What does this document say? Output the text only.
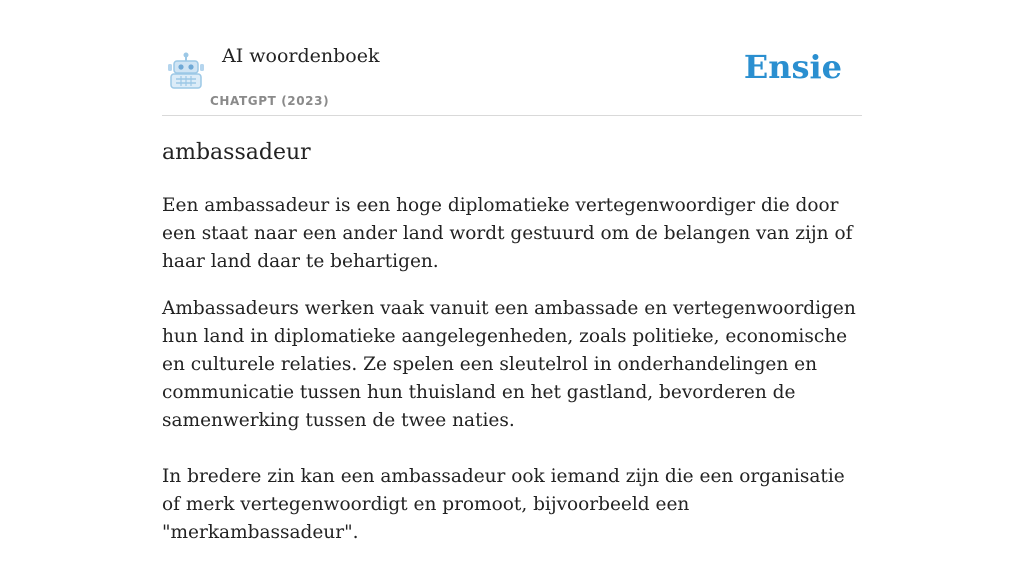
AI woordenboek
CHATGPT (2023)
Ensie
ambassadeur

Een ambassadeur is een hoge diplomatieke vertegenwoordiger die door een staat naar een ander land wordt gestuurd om de belangen van zijn of haar land daar te behartigen.

Ambassadeurs werken vaak vanuit een ambassade en vertegenwoordigen hun land in diplomatieke aangelegenheden, zoals politieke, economische en culturele relaties. Ze spelen een sleutelrol in onderhandelingen en communicatie tussen hun thuisland en het gastland, bevorderen de samenwerking tussen de twee naties.

In bredere zin kan een ambassadeur ook iemand zijn die een organisatie of merk vertegenwoordigt en promoot, bijvoorbeeld een "merkambassadeur".
